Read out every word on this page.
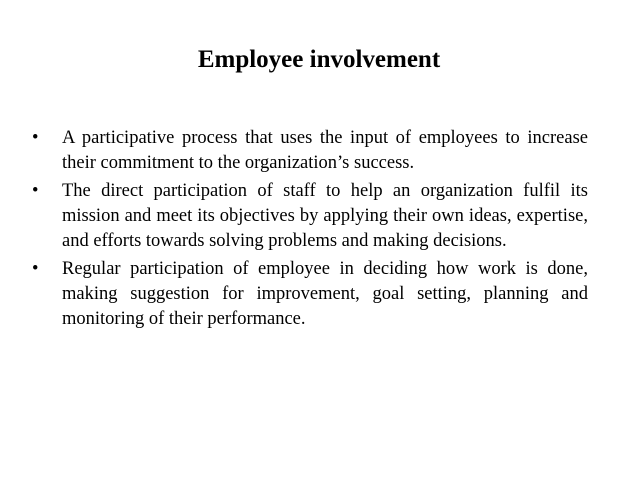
Employee involvement
•	A participative process that uses the input of employees to increase their commitment to the organization’s success.
•	The direct participation of staff to help an organization fulfil its mission and meet its objectives by applying their own ideas, expertise, and efforts towards solving problems and making decisions.
•	Regular participation of employee in deciding how work is done, making suggestion for improvement, goal setting, planning and monitoring of their performance.
